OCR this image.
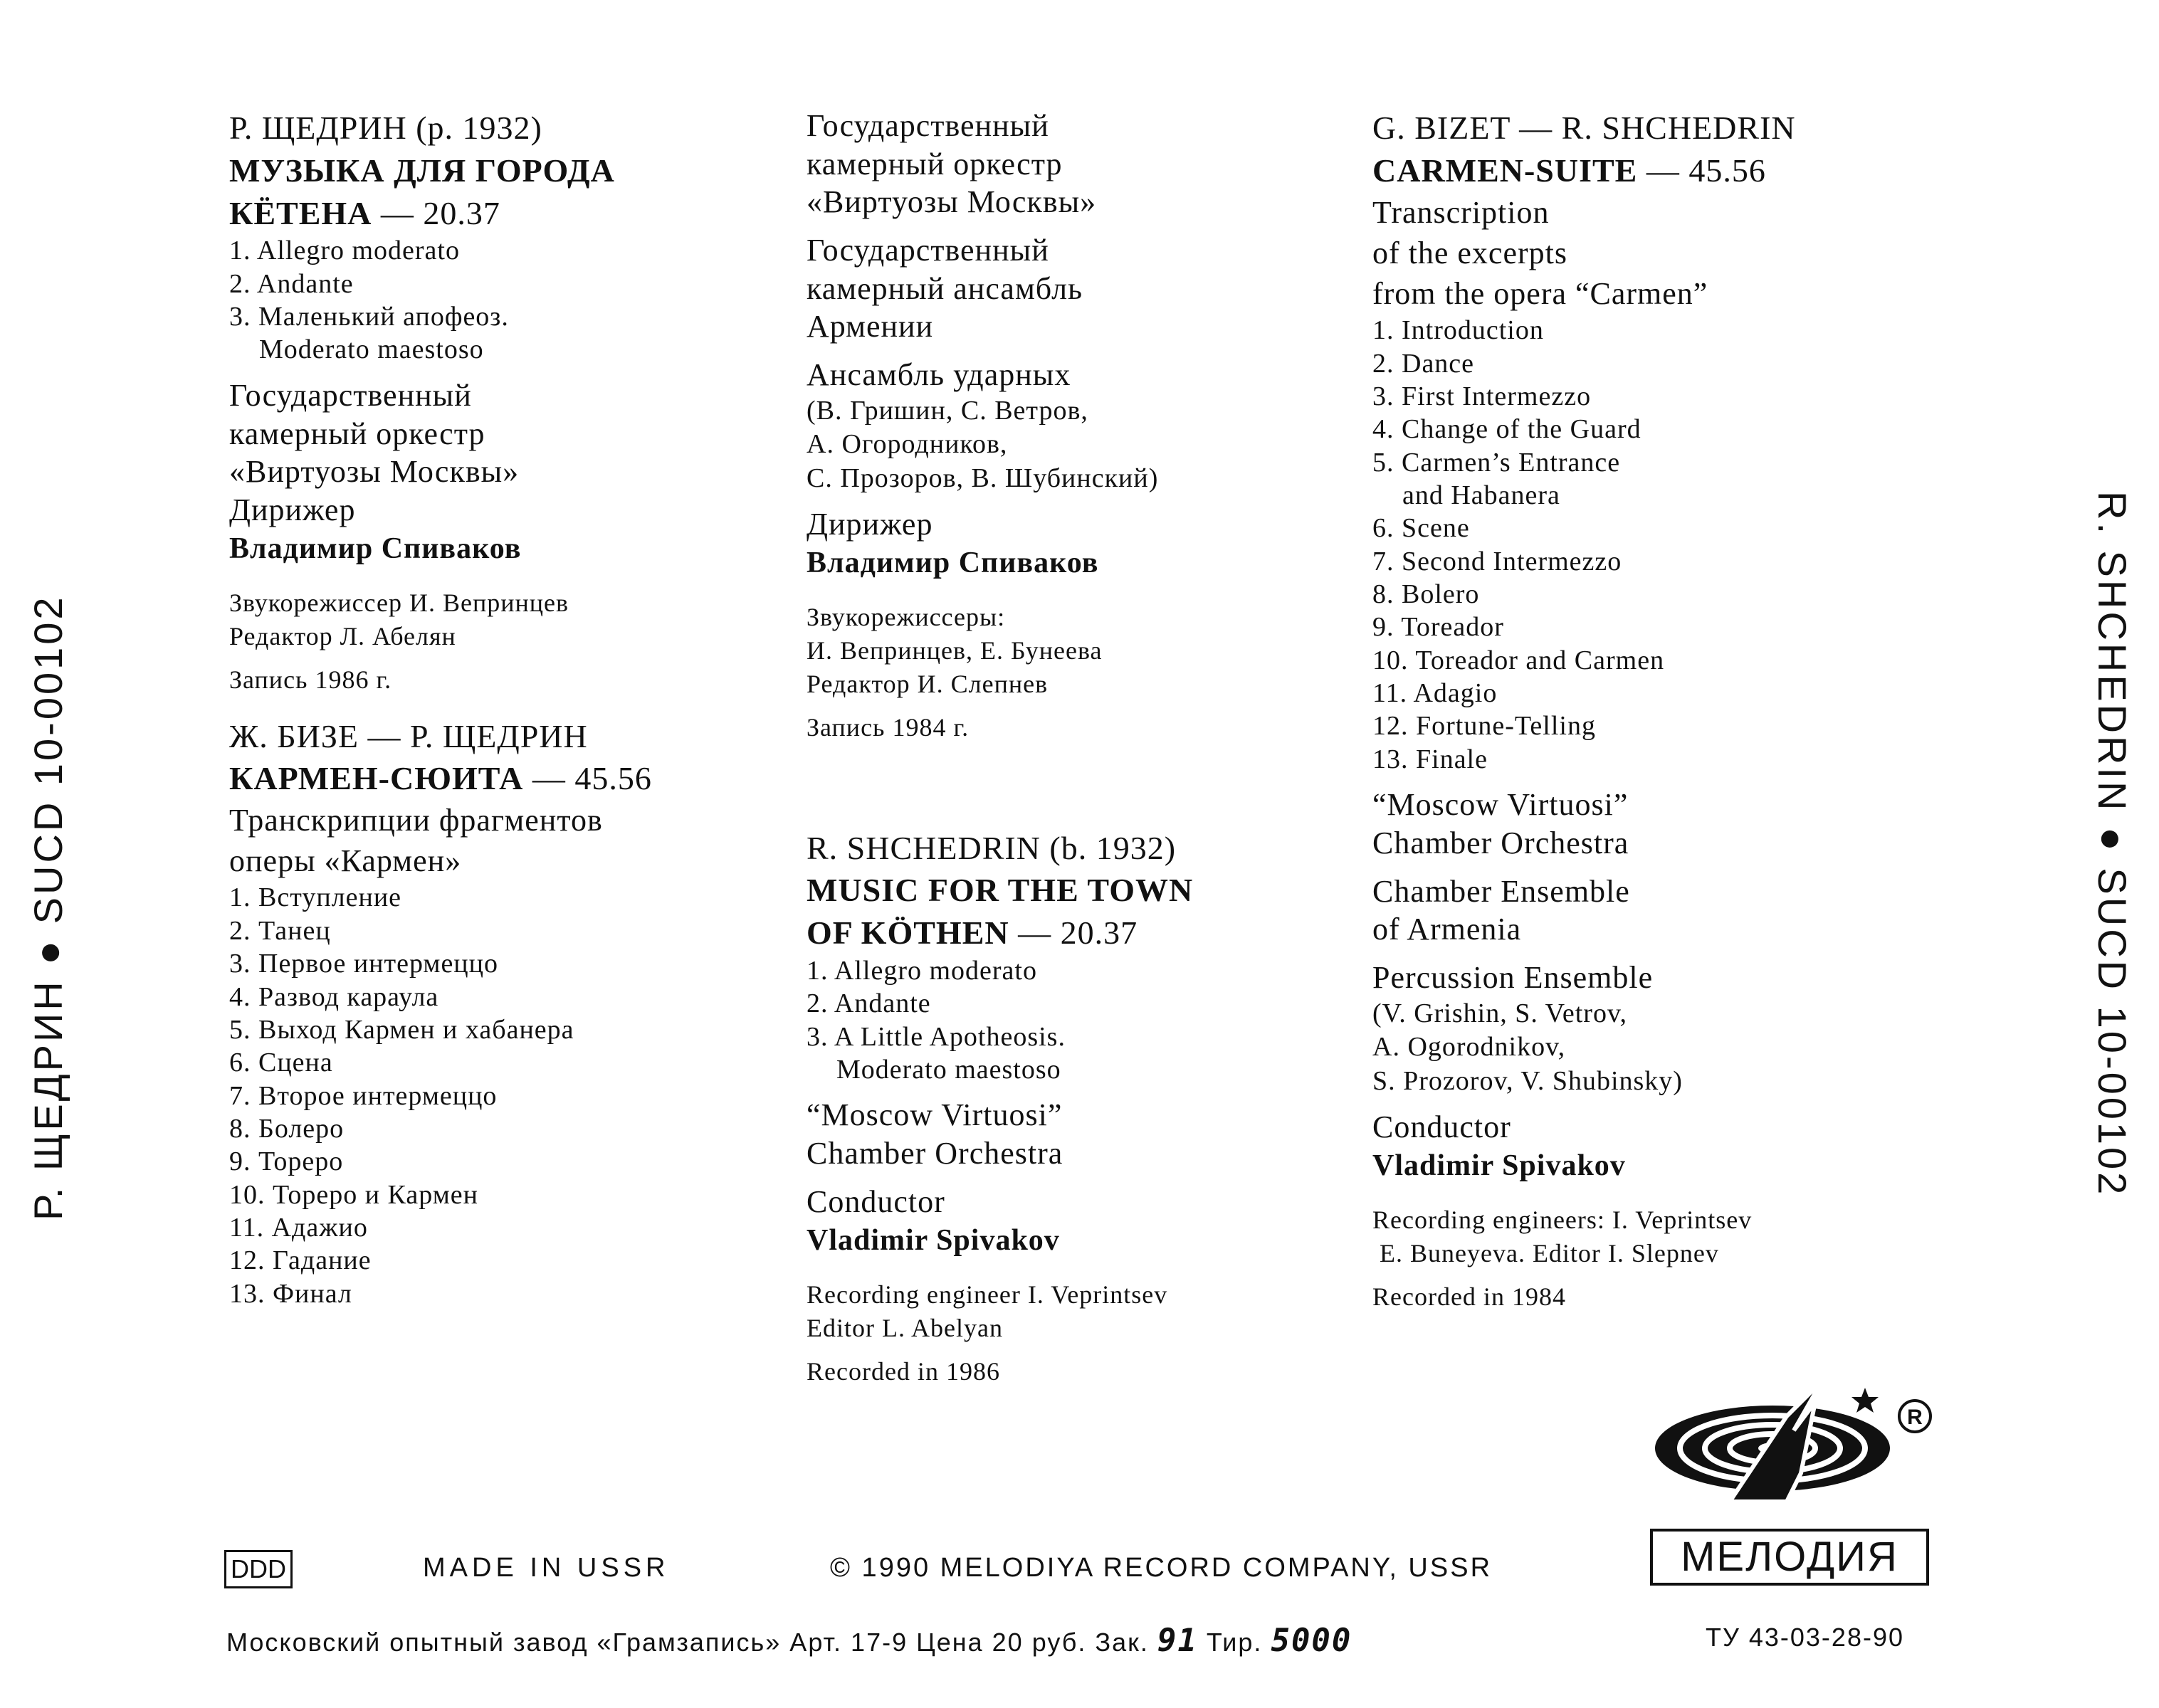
Р. ЩЕДРИН (р. 1932)
МУЗЫКА ДЛЯ ГОРОДА
КЁТЕНА — 20.37
1. Allegro moderato
2. Andante
3. Маленький апофеоз.
Moderato maestoso
Государственный
камерный оркестр
«Виртуозы Москвы»
Дирижер
Владимир Спиваков
Звукорежиссер И. Вепринцев
Редактор Л. Абелян
Запись 1986 г.
Ж. БИЗЕ — Р. ЩЕДРИН
КАРМЕН-СЮИТА — 45.56
Транскрипции фрагментов
оперы «Кармен»
1. Вступление
2. Танец
3. Первое интермеццо
4. Развод караула
5. Выход Кармен и хабанера
6. Сцена
7. Второе интермеццо
8. Болеро
9. Тореро
10. Тореро и Кармен
11. Адажио
12. Гадание
13. Финал
Государственный
камерный оркестр
«Виртуозы Москвы»
Государственный
камерный ансамбль
Армении
Ансамбль ударных
(В. Гришин, С. Ветров,
А. Огородников,
С. Прозоров, В. Шубинский)
Дирижер
Владимир Спиваков
Звукорежиссеры:
И. Вепринцев, Е. Бунеева
Редактор И. Слепнев
Запись 1984 г.
R. SHCHEDRIN (b. 1932)
MUSIC FOR THE TOWN
OF KÖTHEN — 20.37
1. Allegro moderato
2. Andante
3. A Little Apotheosis.
Moderato maestoso
“Moscow Virtuosi”
Chamber Orchestra
Conductor
Vladimir Spivakov
Recording engineer I. Veprintsev
Editor L. Abelyan
Recorded in 1986
G. BIZET — R. SHCHEDRIN
CARMEN-SUITE — 45.56
Transcription
of the excerpts
from the opera “Carmen”
1. Introduction
2. Dance
3. First Intermezzo
4. Change of the Guard
5. Carmen’s Entrance
and Habanera
6. Scene
7. Second Intermezzo
8. Bolero
9. Toreador
10. Toreador and Carmen
11. Adagio
12. Fortune-Telling
13. Finale
“Moscow Virtuosi”
Chamber Orchestra
Chamber Ensemble
of Armenia
Percussion Ensemble
(V. Grishin, S. Vetrov,
A. Ogorodnikov,
S. Prozorov, V. Shubinsky)
Conductor
Vladimir Spivakov
Recording engineers: I. Veprintsev
E. Buneyeva. Editor I. Slepnev
Recorded in 1984
Р. ЩЕДРИН ● SUCD 10-00102	R. SHCHEDRIN ● SUCD 10-00102
R
МЕЛОДИЯ
DDD	MADE IN USSR	© 1990 MELODIYA RECORD COMPANY, USSR
Московский опытный завод «Грамзапись» Арт. 17-9 Цена 20 руб. Зак. 91 Тир. 5000	ТУ 43-03-28-90
